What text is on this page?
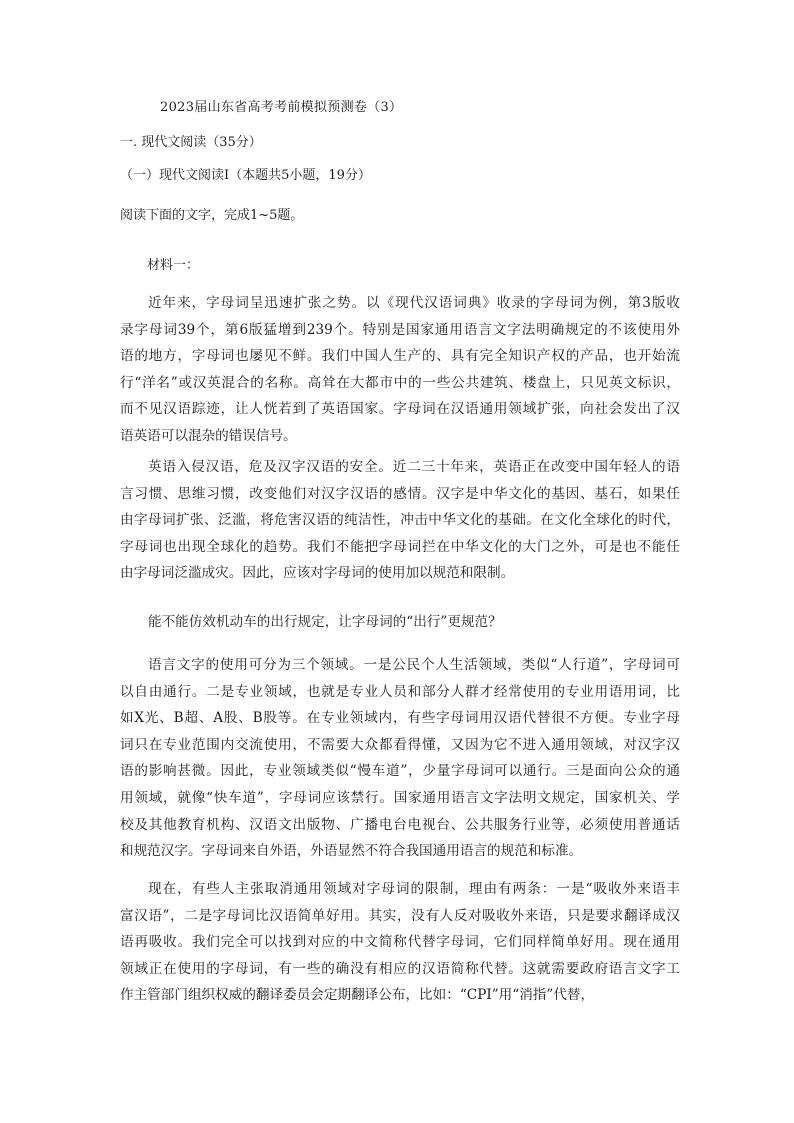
2023届山东省高考考前模拟预测卷（3）
一. 现代文阅读（35分）
（一）现代文阅读Ⅰ（本题共5小题，19分）
阅读下面的文字，完成1~5题。
材料一：
近年来，字母词呈迅速扩张之势。以《现代汉语词典》收录的字母词为例，第3版收
录字母词39个，第6版猛增到239个。特别是国家通用语言文字法明确规定的不该使用外
语的地方，字母词也屡见不鲜。我们中国人生产的、具有完全知识产权的产品，也开始流
行“洋名”或汉英混合的名称。高耸在大都市中的一些公共建筑、楼盘上，只见英文标识，
而不见汉语踪迹，让人恍若到了英语国家。字母词在汉语通用领域扩张，向社会发出了汉
语英语可以混杂的错误信号。
英语入侵汉语，危及汉字汉语的安全。近二三十年来，英语正在改变中国年轻人的语
言习惯、思维习惯，改变他们对汉字汉语的感情。汉字是中华文化的基因、基石，如果任
由字母词扩张、泛滥，将危害汉语的纯洁性，冲击中华文化的基础。在文化全球化的时代，
字母词也出现全球化的趋势。我们不能把字母词拦在中华文化的大门之外，可是也不能任
由字母词泛滥成灾。因此，应该对字母词的使用加以规范和限制。
能不能仿效机动车的出行规定，让字母词的“出行”更规范？
语言文字的使用可分为三个领域。一是公民个人生活领域，类似“人行道”，字母词可
以自由通行。二是专业领域，也就是专业人员和部分人群才经常使用的专业用语用词，比
如X光、B超、A股、B股等。在专业领域内，有些字母词用汉语代替很不方便。专业字母
词只在专业范围内交流使用，不需要大众都看得懂，又因为它不进入通用领域，对汉字汉
语的影响甚微。因此，专业领域类似“慢车道”，少量字母词可以通行。三是面向公众的通
用领域，就像“快车道”，字母词应该禁行。国家通用语言文字法明文规定，国家机关、学
校及其他教育机构、汉语文出版物、广播电台电视台、公共服务行业等，必须使用普通话
和规范汉字。字母词来自外语，外语显然不符合我国通用语言的规范和标准。
现在，有些人主张取消通用领域对字母词的限制，理由有两条：一是“吸收外来语丰
富汉语”，二是字母词比汉语简单好用。其实，没有人反对吸收外来语，只是要求翻译成汉
语再吸收。我们完全可以找到对应的中文简称代替字母词，它们同样简单好用。现在通用
领域正在使用的字母词，有一些的确没有相应的汉语简称代替。这就需要政府语言文字工
作主管部门组织权威的翻译委员会定期翻译公布，比如：“CPI”用“消指”代替，
